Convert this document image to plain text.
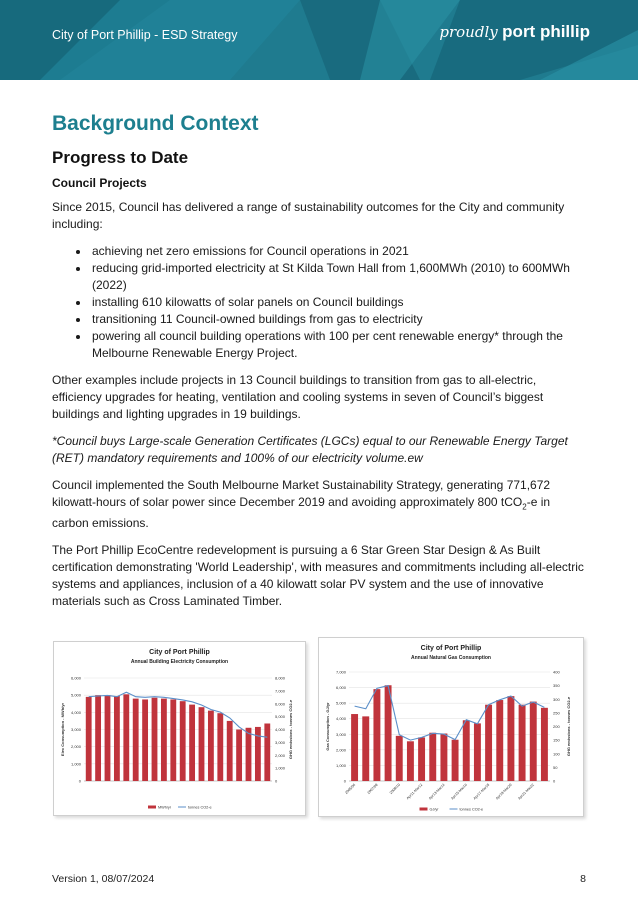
City of Port Phillip - ESD Strategy	proudly port phillip
Background Context
Progress to Date
Council Projects

Since 2015, Council has delivered a range of sustainability outcomes for the City and community including:

• achieving net zero emissions for Council operations in 2021
• reducing grid-imported electricity at St Kilda Town Hall from 1,600MWh (2010) to 600MWh (2022)
• installing 610 kilowatts of solar panels on Council buildings
• transitioning 11 Council-owned buildings from gas to electricity
• powering all council building operations with 100 per cent renewable energy* through the Melbourne Renewable Energy Project.

Other examples include projects in 13 Council buildings to transition from gas to all-electric, efficiency upgrades for heating, ventilation and cooling systems in seven of Council’s biggest buildings and lighting upgrades in 19 buildings.

*Council buys Large-scale Generation Certificates (LGCs) equal to our Renewable Energy Target (RET) mandatory requirements and 100% of our electricity volume.ew

Council implemented the South Melbourne Market Sustainability Strategy, generating 771,672 kilowatt-hours of solar power since December 2019 and avoiding approximately 800 tCO$_2$-e in carbon emissions.

The Port Phillip EcoCentre redevelopment is pursuing a 6 Star Green Star Design & As Built certification demonstrating 'World Leadership', with measures and commitments including all-electric systems and appliances, inclusion of a 40 kilowatt solar PV system and the use of innovative materials such as Cross Laminated Timber.

City of Port Phillip
Annual Building Electricity Consumption
0
1,000
2,000
3,000
4,000
5,000
6,000
0
1,000
2,000
3,000
4,000
5,000
6,000
7,000
8,000
Elec Consumption - MWh/yr	GHG emissions - tonnes CO2-e
MWh/yr	tonnes CO2-e
City of Port Phillip
Annual Natural Gas Consumption
0
1,000
2,000
3,000
4,000
5,000
6,000
7,000
0
50
100
150
200
250
300
350
400
Gas Consumption - GJ/yr	GHG emissions - tonnes CO2-e
2005/06	2007/08	2009/10 Apr11-Mar12 Apr13-Mar14 Apr15-Mar16 Apr17-Mar18 Apr19-Mar20 Apr21-Mar22
GJ/yr	tonnes CO2-e
Version 1, 08/07/2024	8
